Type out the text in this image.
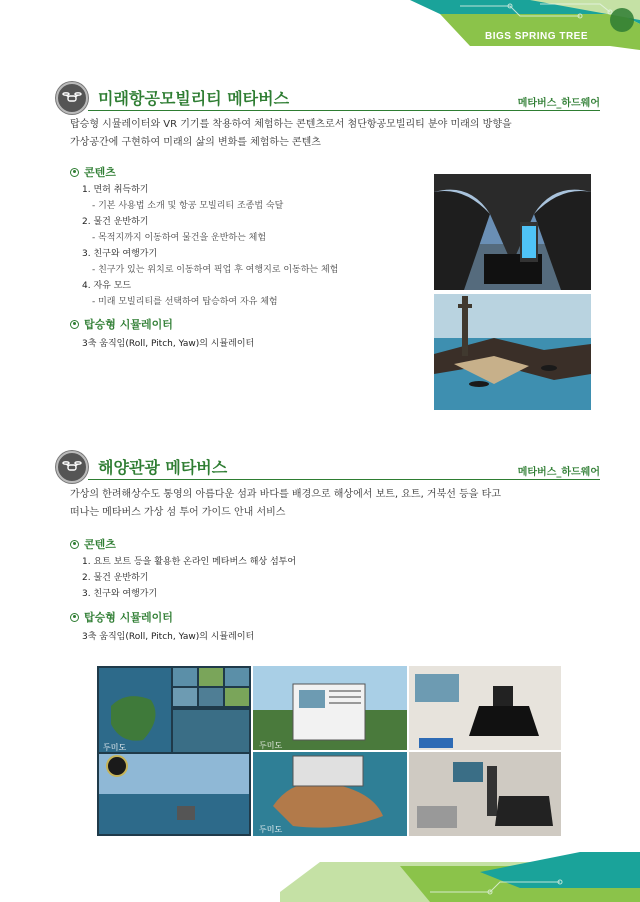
BIGS SPRING TREE
미래항공모빌리티 메타버스	메타버스_하드웨어
탑승형 시뮬레이터와 VR 기기를 착용하여 체험하는 콘텐츠로서 첨단항공모빌리티 분야 미래의 방향을
가상공간에 구현하여 미래의 삶의 변화를 체험하는 콘텐츠
콘텐츠
1. 면허 취득하기
- 기본 사용법 소개 및 항공 모빌리티 조종법 숙달
2. 물건 운반하기
- 목적지까지 이동하여 물건을 운반하는 체험
3. 친구와 여행가기
- 친구가 있는 위치로 이동하여 픽업 후 여행지로 이동하는 체험
4. 자유 모드
- 미래 모빌리티를 선택하여 탑승하여 자유 체험
탑승형 시뮬레이터
3축 움직임(Roll, Pitch, Yaw)의 시뮬레이터
해양관광 메타버스	메타버스_하드웨어
가상의 한려해상수도 통영의 아름다운 섬과 바다를 배경으로 해상에서 보트, 요트, 거북선 등을 타고
떠나는 메타버스 가상 섬 투어 가이드 안내 서비스
콘텐츠
1. 요트 보트 등을 활용한 온라인 메타버스 해상 섬투어
2. 물건 운반하기
3. 친구와 여행가기
탑승형 시뮬레이터
3축 움직임(Roll, Pitch, Yaw)의 시뮬레이터
두미도	두미도
두미도
